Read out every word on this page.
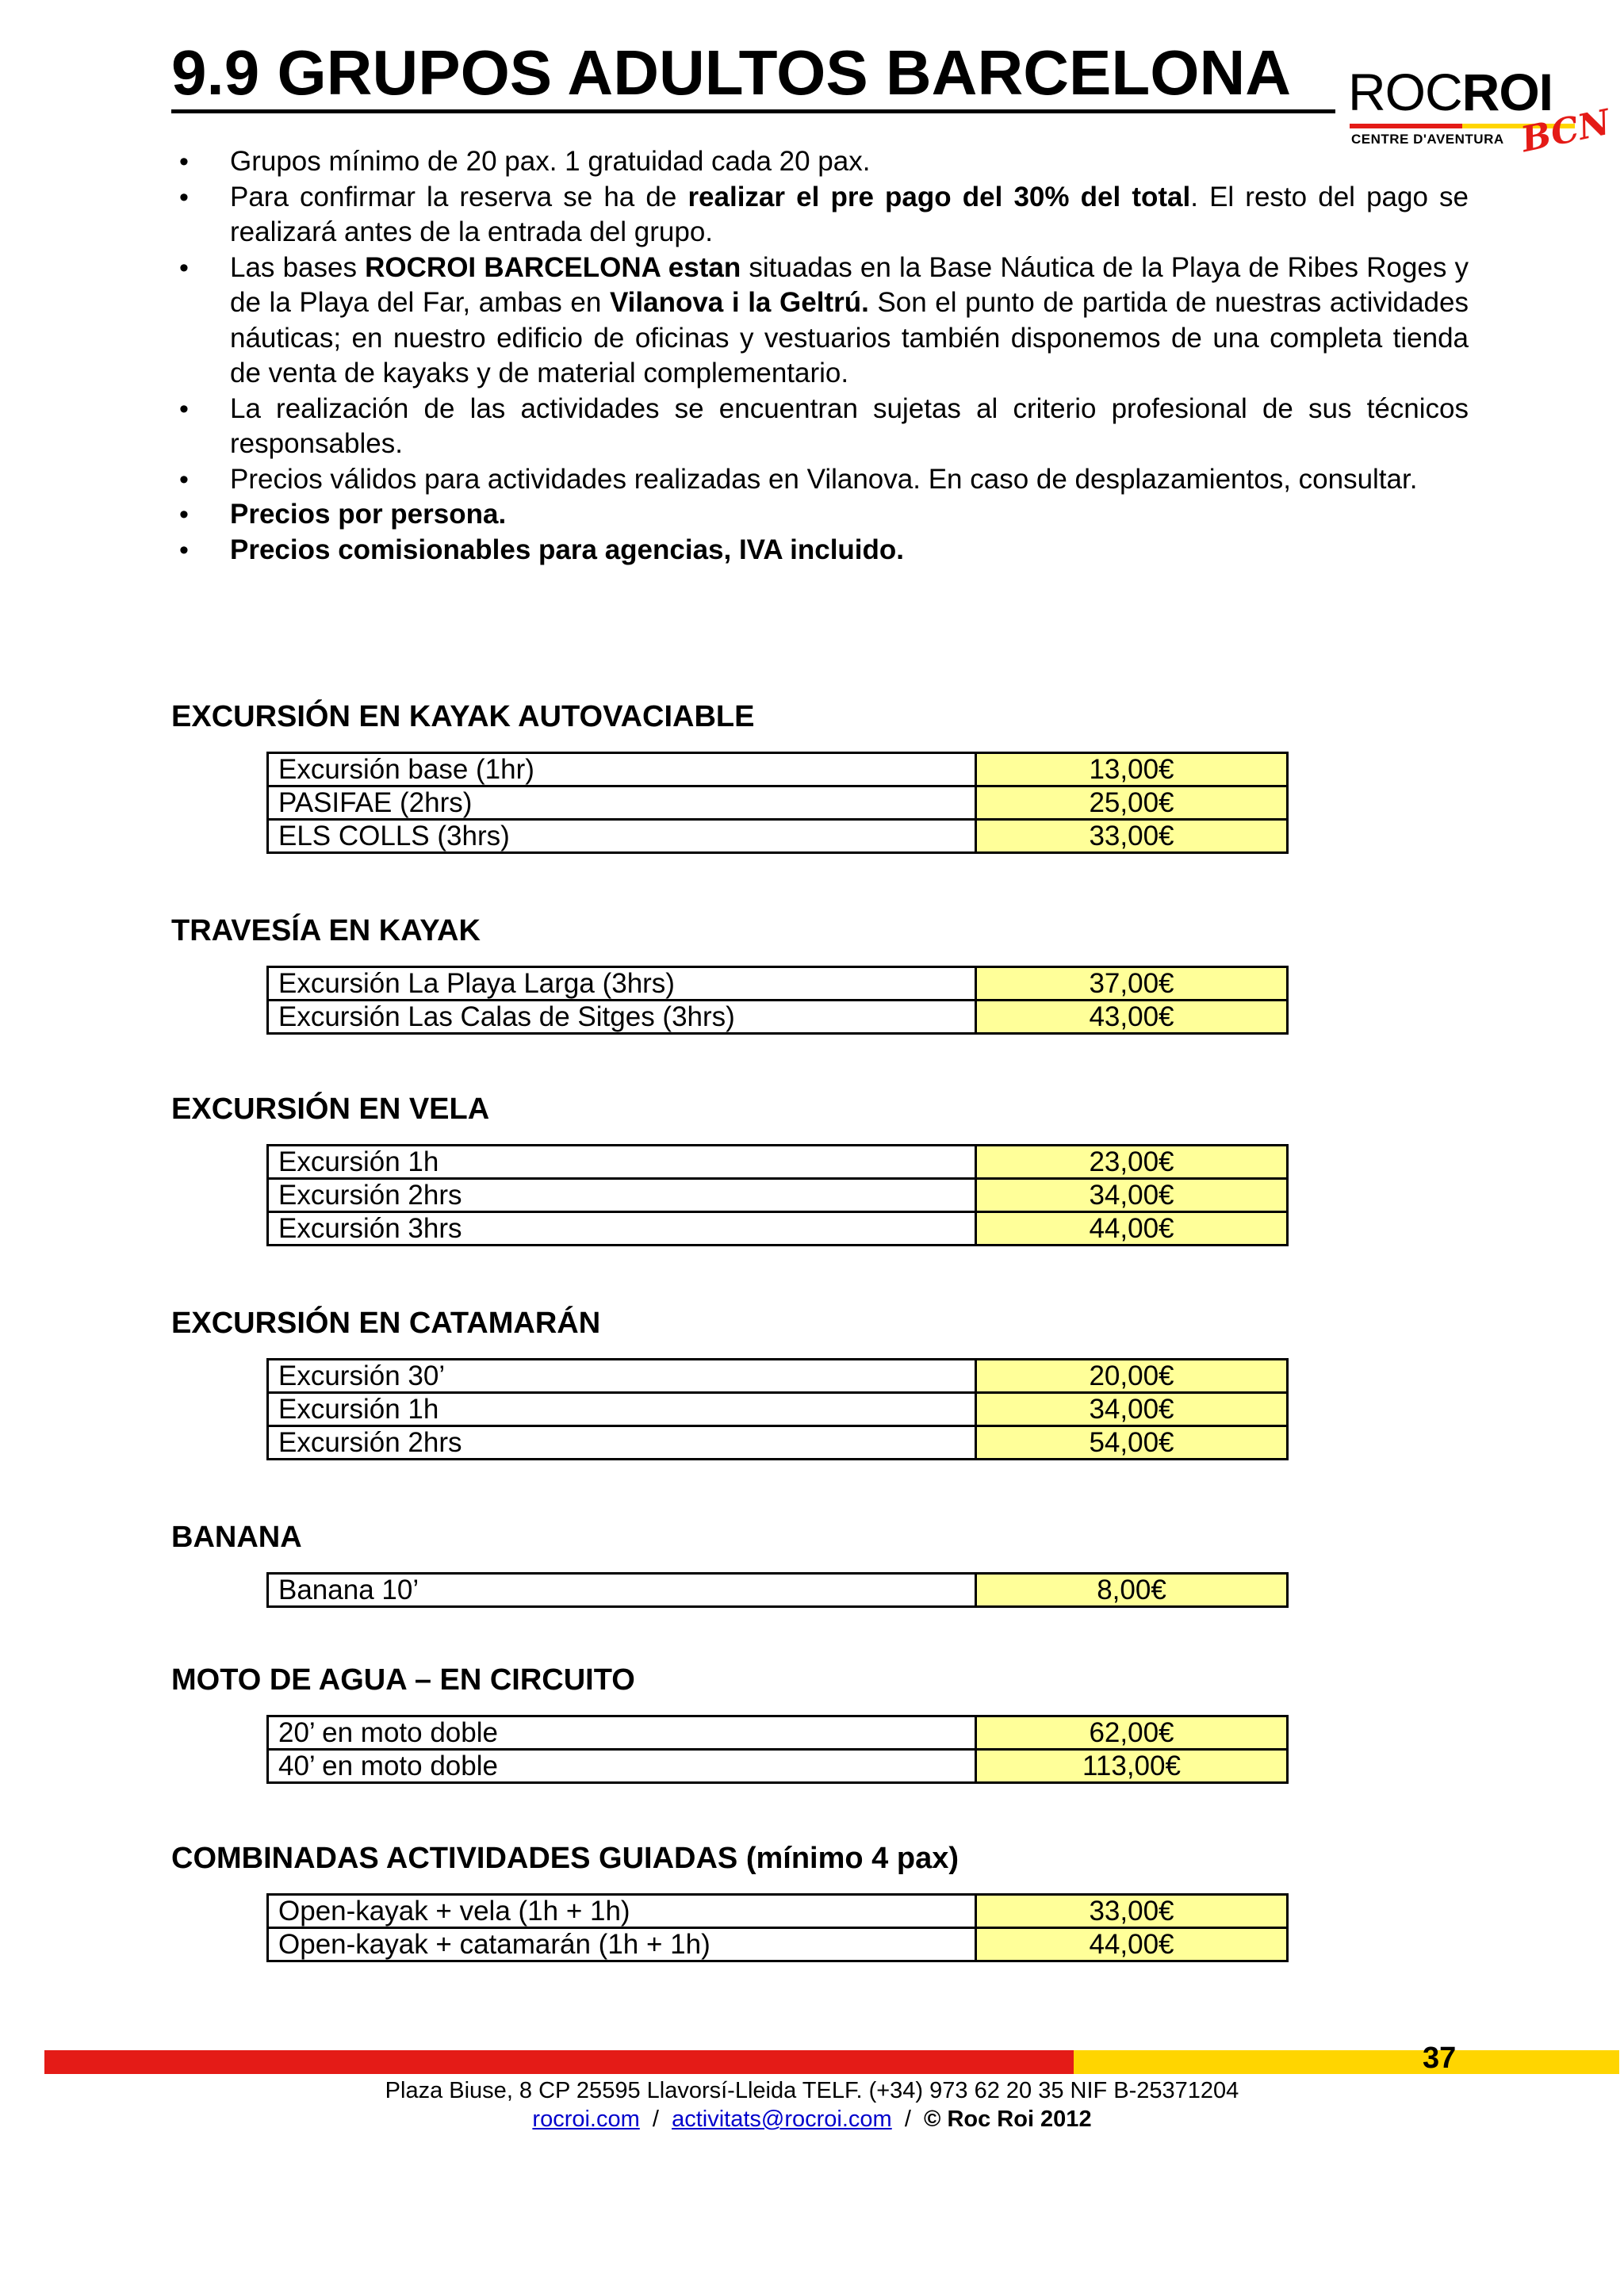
9.9 GRUPOS ADULTOS BARCELONA ROCROI
CENTRE D'AVENTURA BCN
• Grupos mínimo de 20 pax. 1 gratuidad cada 20 pax.
• Para confirmar la reserva se ha de realizar el pre pago del 30% del total. El resto del pago se realizará antes de la entrada del grupo.
• Las bases ROCROI BARCELONA estan situadas en la Base Náutica de la Playa de Ribes Roges y de la Playa del Far, ambas en Vilanova i la Geltrú. Son el punto de partida de nuestras actividades náuticas; en nuestro edificio de oficinas y vestuarios también disponemos de una completa tienda de venta de kayaks y de material complementario.
• La realización de las actividades se encuentran sujetas al criterio profesional de sus técnicos responsables.
• Precios válidos para actividades realizadas en Vilanova. En caso de desplazamientos, consultar.
• Precios por persona.
• Precios comisionables para agencias, IVA incluido.
EXCURSIÓN EN KAYAK AUTOVACIABLE
Excursión base (1hr)	13,00€
PASIFAE (2hrs)	25,00€
ELS COLLS (3hrs)	33,00€
TRAVESÍA EN KAYAK
Excursión La Playa Larga (3hrs)	37,00€
Excursión Las Calas de Sitges (3hrs)	43,00€
EXCURSIÓN EN VELA
Excursión 1h	23,00€
Excursión 2hrs	34,00€
Excursión 3hrs	44,00€
EXCURSIÓN EN CATAMARÁN
Excursión 30’	20,00€
Excursión 1h	34,00€
Excursión 2hrs	54,00€
BANANA
Banana 10’	8,00€
MOTO DE AGUA – EN CIRCUITO
20’ en moto doble	62,00€
40’ en moto doble	113,00€
COMBINADAS ACTIVIDADES GUIADAS (mínimo 4 pax)
Open-kayak + vela (1h + 1h)	33,00€
Open-kayak + catamarán (1h + 1h)	44,00€
37
Plaza Biuse, 8 CP 25595 Llavorsí-Lleida TELF. (+34) 973 62 20 35 NIF B-25371204
rocroi.com / activitats@rocroi.com / © Roc Roi 2012
